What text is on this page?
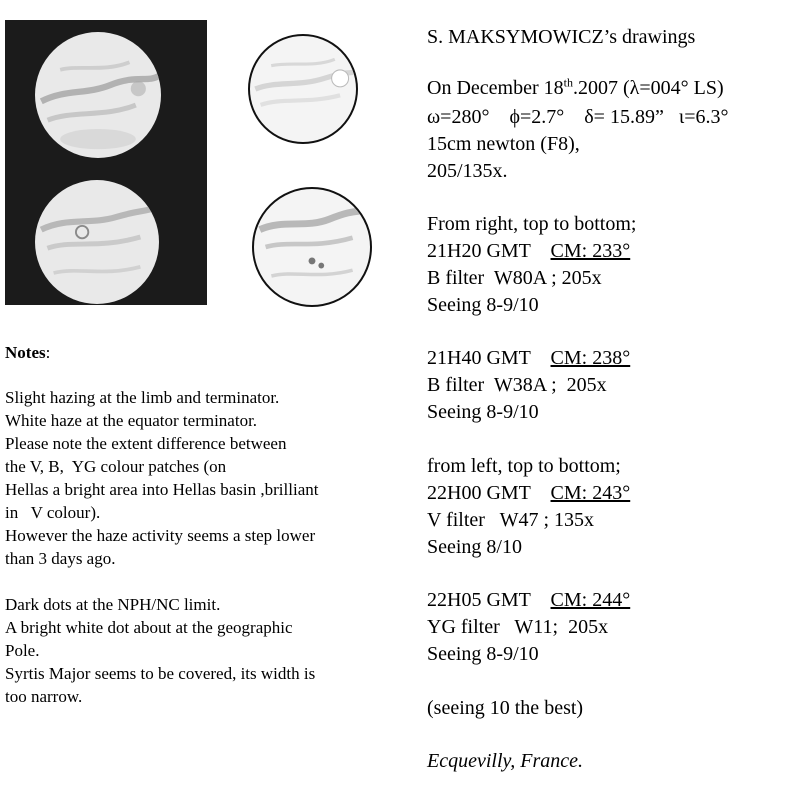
S. MAKSYMOWICZ’s drawings
On December 18th.2007 (λ=004° LS)
ω=280°    ϕ=2.7°    δ= 15.89”   ι=6.3°
15cm newton (F8),
205/135x.
From right, top to bottom;
21H20 GMT CM: 233°
B filter  W80A ; 205x
Seeing 8-9/10
21H40 GMT CM: 238°
B filter  W38A ;  205x
Seeing 8-9/10
from left, top to bottom;
22H00 GMT CM: 243°
V filter   W47 ; 135x
Seeing 8/10
22H05 GMT CM: 244°
YG filter   W11;  205x
Seeing 8-9/10
(seeing 10 the best)
Ecquevilly, France.
Notes:
Slight hazing at the limb and terminator.
White haze at the equator terminator.
Please note the extent difference between
the V, B,  YG colour patches (on
Hellas a bright area into Hellas basin ,brilliant
in   V colour).
However the haze activity seems a step lower
than 3 days ago.
Dark dots at the NPH/NC limit.
A bright white dot about at the geographic
Pole.
Syrtis Major seems to be covered, its width is
too narrow.
